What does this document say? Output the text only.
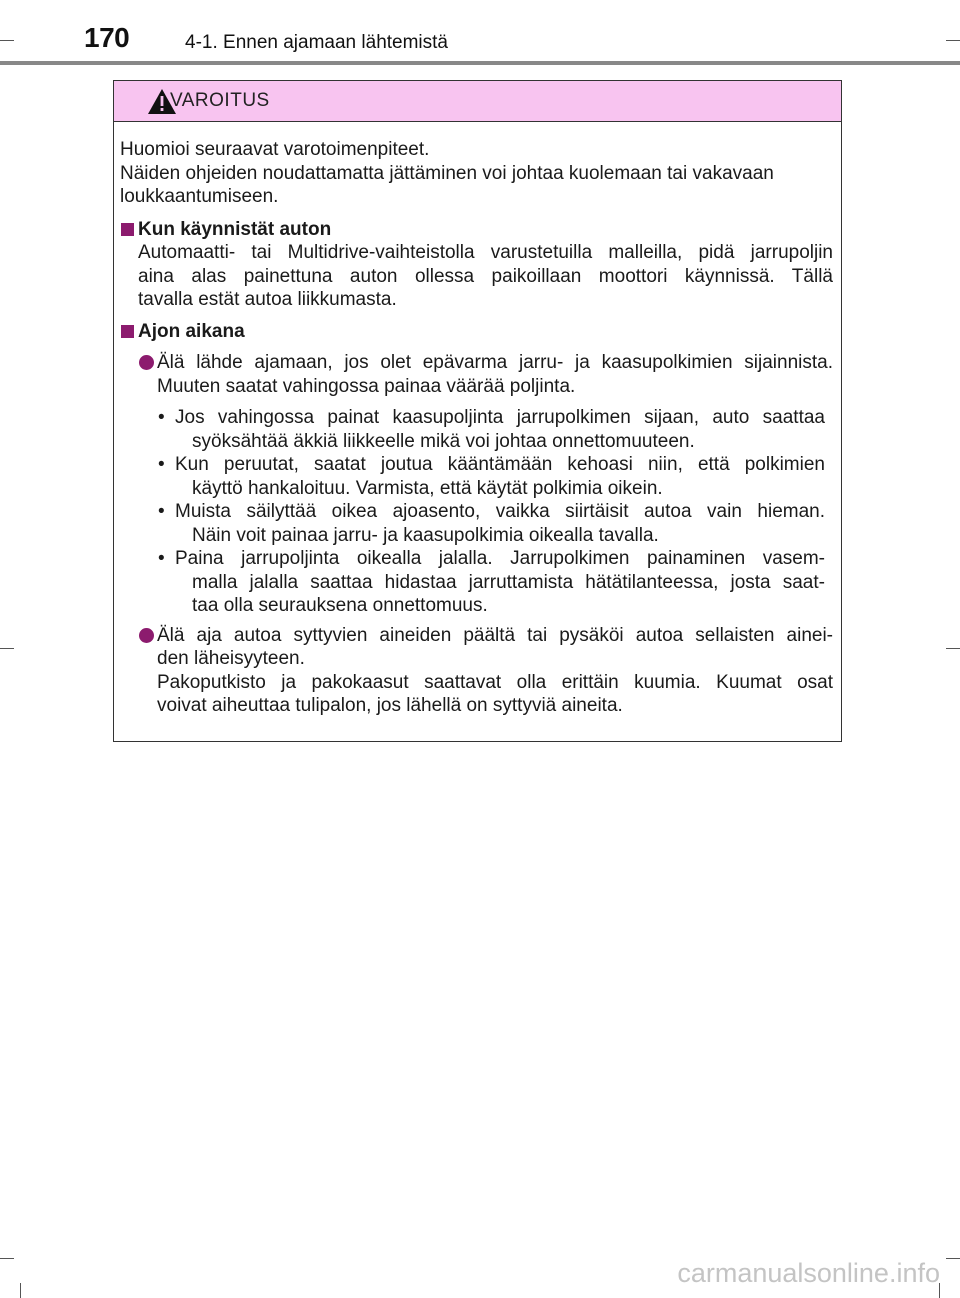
170	4-1. Ennen ajamaan lähtemistä
VAROITUS

Huomioi seuraavat varotoimenpiteet.

Näiden ohjeiden noudattamatta jättäminen voi johtaa kuolemaan tai vakavaan

loukkaantumiseen.

Kun käynnistät auton

Automaatti- tai Multidrive-vaihteistolla varustetuilla malleilla, pidä jarrupoljin

aina alas painettuna auton ollessa paikoillaan moottori käynnissä. Tällä

tavalla estät autoa liikkumasta.

Ajon aikana

Älä lähde ajamaan, jos olet epävarma jarru- ja kaasupolkimien sijainnista.

Muuten saatat vahingossa painaa väärää poljinta.

• Jos vahingossa painat kaasupoljinta jarrupolkimen sijaan, auto saattaa

syöksähtää äkkiä liikkeelle mikä voi johtaa onnettomuuteen.

• Kun peruutat, saatat joutua kääntämään kehoasi niin, että polkimien

käyttö hankaloituu. Varmista, että käytät polkimia oikein.

• Muista säilyttää oikea ajoasento, vaikka siirtäisit autoa vain hieman.

Näin voit painaa jarru- ja kaasupolkimia oikealla tavalla.

• Paina jarrupoljinta oikealla jalalla. Jarrupolkimen painaminen vasem-

malla jalalla saattaa hidastaa jarruttamista hätätilanteessa, josta saat-

taa olla seurauksena onnettomuus.

Älä aja autoa syttyvien aineiden päältä tai pysäköi autoa sellaisten ainei-

den läheisyyteen.

Pakoputkisto ja pakokaasut saattavat olla erittäin kuumia. Kuumat osat

voivat aiheuttaa tulipalon, jos lähellä on syttyviä aineita.

carmanualsonline.info
